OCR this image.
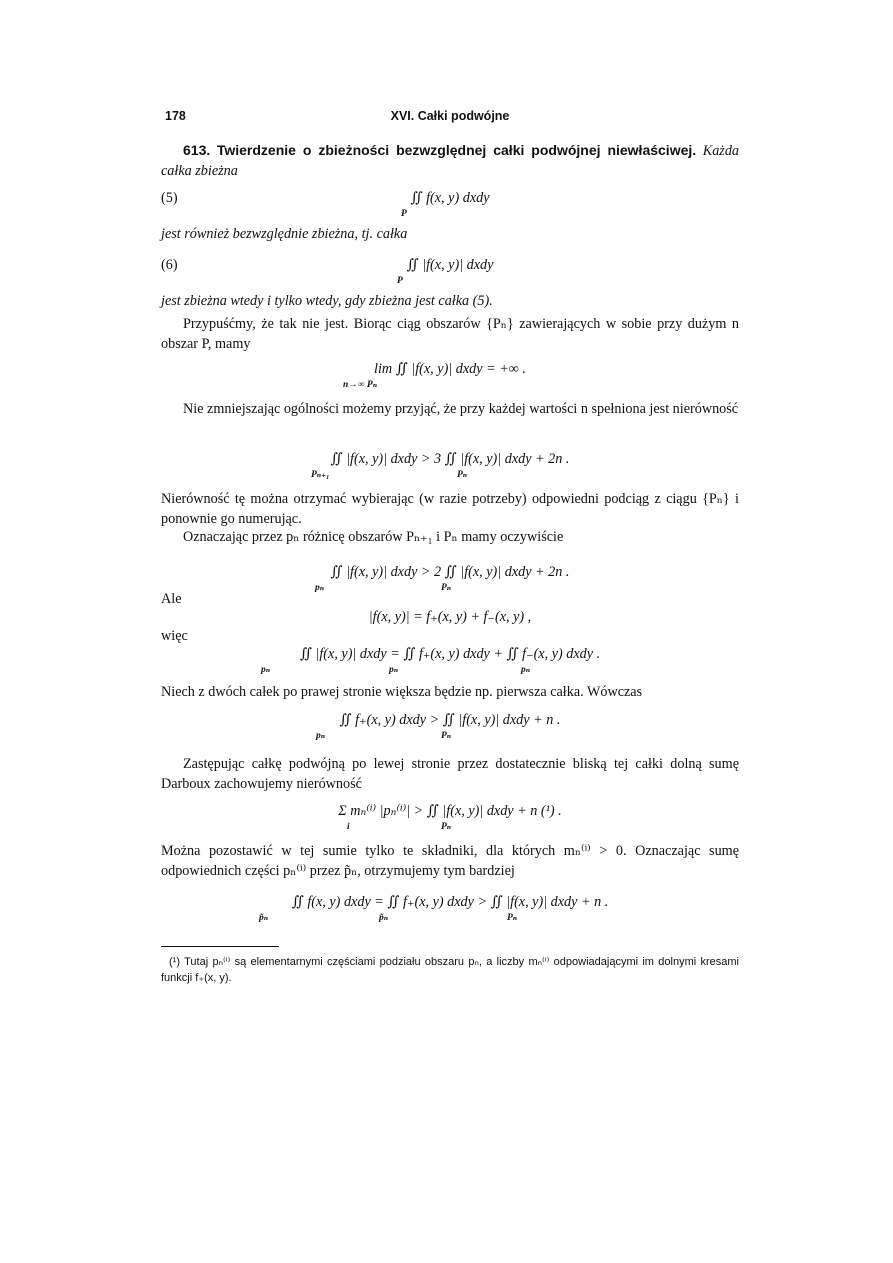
178	XVI. Całki podwójne

613. Twierdzenie o zbieżności bezwzględnej całki podwójnej niewłaściwej. Każda całka zbieżna

(5)	∬ f(x, y) dxdy
P

jest również bezwzględnie zbieżna, tj. całka

(6)	∬ |f(x, y)| dxdy
P

jest zbieżna wtedy i tylko wtedy, gdy zbieżna jest całka (5).

Przypuśćmy, że tak nie jest. Biorąc ciąg obszarów {Pₙ} zawierających w sobie przy dużym n obszar P, mamy

lim ∬ |f(x, y)| dxdy = +∞ .
n→∞ Pₙ

Nie zmniejszając ogólności możemy przyjąć, że przy każdej wartości n spełniona jest nierówność

∬ |f(x, y)| dxdy > 3 ∬ |f(x, y)| dxdy + 2n .
Pₙ₊₁	Pₙ

Nierówność tę można otrzymać wybierając (w razie potrzeby) odpowiedni podciąg z ciągu {Pₙ} i ponownie go numerując.

Oznaczając przez pₙ różnicę obszarów Pₙ₊₁ i Pₙ mamy oczywiście

∬ |f(x, y)| dxdy > 2 ∬ |f(x, y)| dxdy + 2n .
pₙ	Pₙ

Ale

|f(x, y)| = f₊(x, y) + f₋(x, y) ,

więc

∬ |f(x, y)| dxdy = ∬ f₊(x, y) dxdy + ∬ f₋(x, y) dxdy .
pₙ	pₙ	pₙ

Niech z dwóch całek po prawej stronie większa będzie np. pierwsza całka. Wówczas

∬ f₊(x, y) dxdy > ∬ |f(x, y)| dxdy + n .
pₙ	Pₙ

Zastępując całkę podwójną po lewej stronie przez dostatecznie bliską tej całki dolną sumę Darboux zachowujemy nierówność

Σ mₙ⁽ⁱ⁾ |pₙ⁽ⁱ⁾| > ∬ |f(x, y)| dxdy + n (¹) .
i	Pₙ

Można pozostawić w tej sumie tylko te składniki, dla których mₙ⁽ⁱ⁾ > 0. Oznaczając sumę odpowiednich części pₙ⁽ⁱ⁾ przez p̃ₙ, otrzymujemy tym bardziej

∬ f(x, y) dxdy = ∬ f₊(x, y) dxdy > ∬ |f(x, y)| dxdy + n .
p̃ₙ	p̃ₙ	Pₙ
(¹) Tutaj pₙ⁽ⁱ⁾ są elementarnymi częściami podziału obszaru pₙ, a liczby mₙ⁽ⁱ⁾ odpowiadającymi im dolnymi kresami funkcji f₊(x, y).
